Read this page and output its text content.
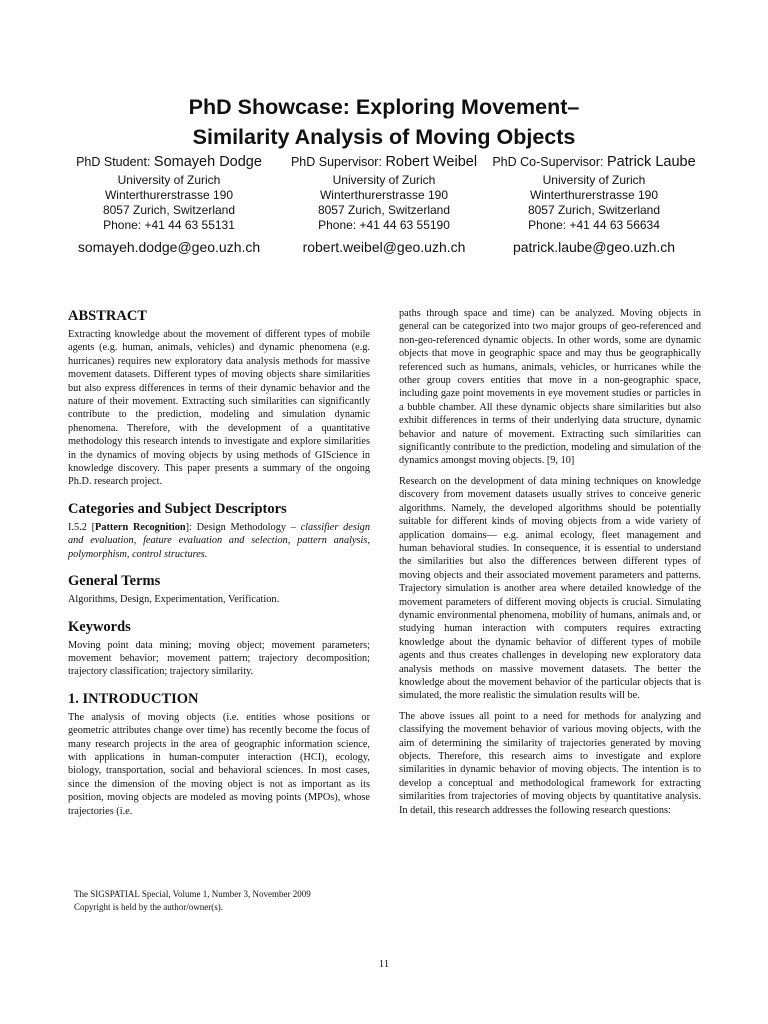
PhD Showcase: Exploring Movement–
Similarity Analysis of Moving Objects
PhD Student: Somayeh Dodge
University of Zurich
Winterthurerstrasse 190
8057 Zurich, Switzerland
Phone: +41 44 63 55131
somayeh.dodge@geo.uzh.ch
PhD Supervisor: Robert Weibel
University of Zurich
Winterthurerstrasse 190
8057 Zurich, Switzerland
Phone: +41 44 63 55190
robert.weibel@geo.uzh.ch
PhD Co-Supervisor: Patrick Laube
University of Zurich
Winterthurerstrasse 190
8057 Zurich, Switzerland
Phone: +41 44 63 56634
patrick.laube@geo.uzh.ch
ABSTRACT

Extracting knowledge about the movement of different types of mobile agents (e.g. human, animals, vehicles) and dynamic phenomena (e.g. hurricanes) requires new exploratory data analysis methods for massive movement datasets. Different types of moving objects share similarities but also express differences in terms of their dynamic behavior and the nature of their movement. Extracting such similarities can significantly contribute to the prediction, modeling and simulation dynamic phenomena. Therefore, with the development of a quantitative methodology this research intends to investigate and explore similarities in the dynamics of moving objects by using methods of GIScience in knowledge discovery. This paper presents a summary of the ongoing Ph.D. research project.

Categories and Subject Descriptors

I.5.2 [Pattern Recognition]: Design Methodology – classifier design and evaluation, feature evaluation and selection, pattern analysis, polymorphism, control structures.

General Terms

Algorithms, Design, Experimentation, Verification.

Keywords

Moving point data mining; moving object; movement parameters; movement behavior; movement pattern; trajectory decomposition; trajectory classification; trajectory similarity.

1. INTRODUCTION

The analysis of moving objects (i.e. entities whose positions or geometric attributes change over time) has recently become the focus of many research projects in the area of geographic information science, with applications in human-computer interaction (HCI), ecology, biology, transportation, social and behavioral sciences. In most cases, since the dimension of the moving object is not as important as its position, moving objects are modeled as moving points (MPOs), whose trajectories (i.e.

paths through space and time) can be analyzed. Moving objects in general can be categorized into two major groups of geo-referenced and non-geo-referenced dynamic objects. In other words, some are dynamic objects that move in geographic space and may thus be geographically referenced such as humans, animals, vehicles, or hurricanes while the other group covers entities that move in a non-geographic space, including gaze point movements in eye movement studies or particles in a bubble chamber. All these dynamic objects share similarities but also exhibit differences in terms of their underlying data structure, dynamic behavior and nature of movement. Extracting such similarities can significantly contribute to the prediction, modeling and simulation of the dynamics amongst moving objects. [9, 10]

Research on the development of data mining techniques on knowledge discovery from movement datasets usually strives to conceive generic algorithms. Namely, the developed algorithms should be potentially suitable for different kinds of moving objects from a wide variety of application domains— e.g. animal ecology, fleet management and human behavioral studies. In consequence, it is essential to understand the similarities but also the differences between different types of moving objects and their associated movement parameters and patterns. Trajectory simulation is another area where detailed knowledge of the movement parameters of different moving objects is crucial. Simulating dynamic environmental phenomena, mobility of humans, animals and, or studying human interaction with computers requires extracting knowledge about the dynamic behavior of different types of mobile agents and thus creates challenges in developing new exploratory data analysis methods on massive movement datasets. The better the knowledge about the movement behavior of the particular objects that is simulated, the more realistic the simulation results will be.

The above issues all point to a need for methods for analyzing and classifying the movement behavior of various moving objects, with the aim of determining the similarity of trajectories generated by moving objects. Therefore, this research aims to investigate and explore similarities in dynamic behavior of moving objects. The intention is to develop a conceptual and methodological framework for extracting similarities from trajectories of moving objects by quantitative analysis. In detail, this research addresses the following research questions:

The SIGSPATIAL Special, Volume 1, Number 3, November 2009
Copyright is held by the author/owner(s).
11
